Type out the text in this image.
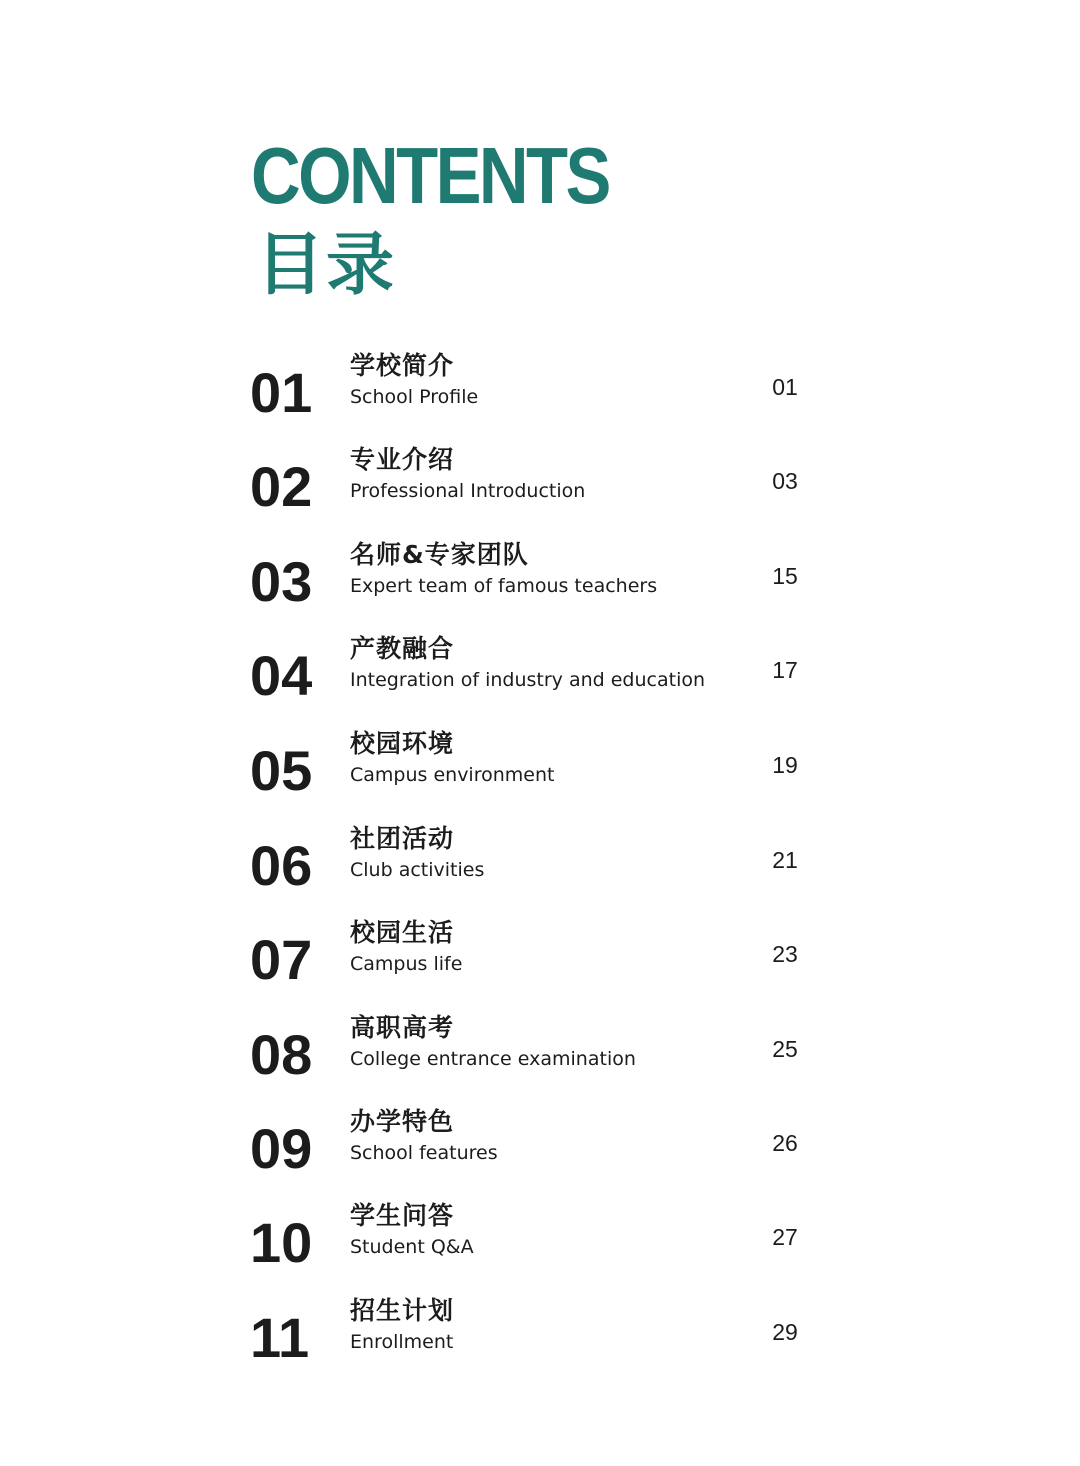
CONTENTS
目录
01 学校简介
School Profile	01
02 专业介绍
Professional Introduction	03
03 名师&专家团队
Expert team of famous teachers	15
04 产教融合
Integration of industry and education	17
05 校园环境
Campus environment	19
06 社团活动
Club activities	21
07 校园生活
Campus life	23
08 高职高考
College entrance examination	25
09 办学特色
School features	26
10 学生问答
Student Q&A	27
11 招生计划
Enrollment	29
